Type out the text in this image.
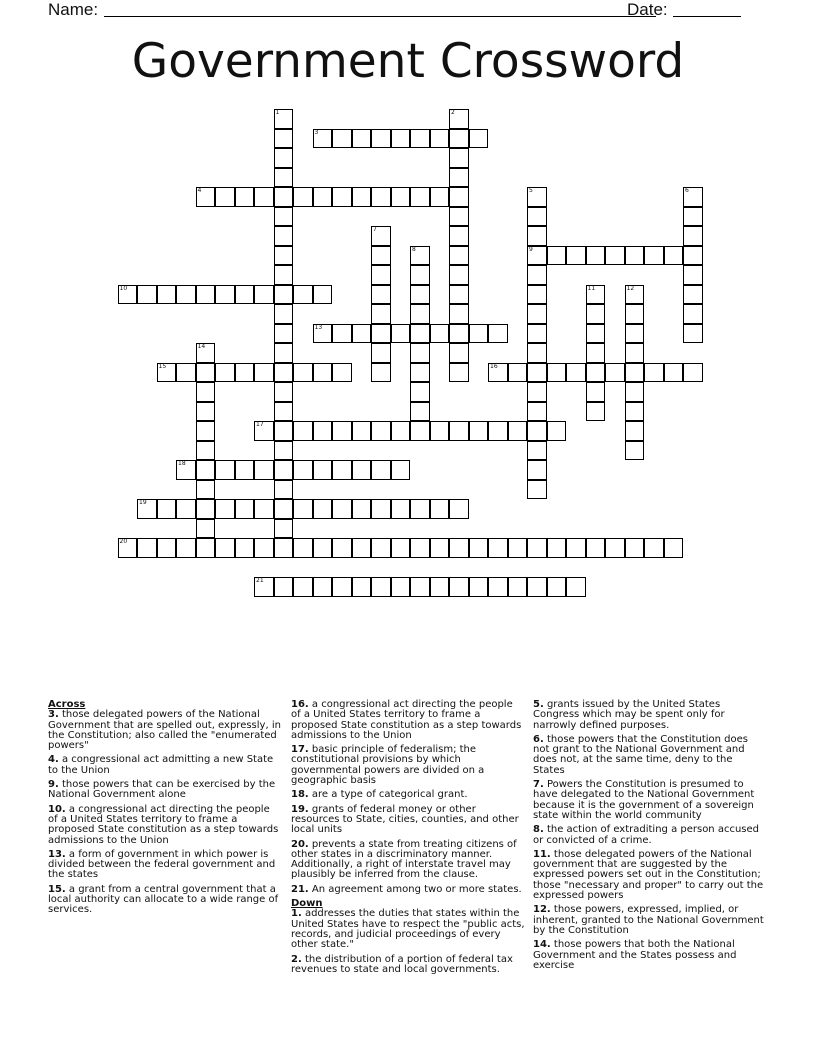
Name:	Date:
Government Crossword
1	2
3
4	5
9
6
7
8
10	11	12
13
14
15	16
17
18
19
20
21
Across
3. those delegated powers of the National Government that are spelled out, expressly, in the Constitution; also called the "enumerated powers"
4. a congressional act admitting a new State to the Union
9. those powers that can be exercised by the National Government alone
10. a congressional act directing the people of a United States territory to frame a proposed State constitution as a step towards admissions to the Union
13. a form of government in which power is divided between the federal government and the states
15. a grant from a central government that a local authority can allocate to a wide range of services.
16. a congressional act directing the people of a United States territory to frame a proposed State constitution as a step towards admissions to the Union
17. basic principle of federalism; the constitutional provisions by which governmental powers are divided on a geographic basis
18. are a type of categorical grant.
19. grants of federal money or other resources to State, cities, counties, and other local units
20. prevents a state from treating citizens of other states in a discriminatory manner. Additionally, a right of interstate travel may plausibly be inferred from the clause.
21. An agreement among two or more states.
Down
1. addresses the duties that states within the United States have to respect the "public acts, records, and judicial proceedings of every other state."
2. the distribution of a portion of federal tax revenues to state and local governments.
5. grants issued by the United States Congress which may be spent only for narrowly defined purposes.
6. those powers that the Constitution does not grant to the National Government and does not, at the same time, deny to the States
7. Powers the Constitution is presumed to have delegated to the National Government because it is the government of a sovereign state within the world community
8. the action of extraditing a person accused or convicted of a crime.
11. those delegated powers of the National government that are suggested by the expressed powers set out in the Constitution; those "necessary and proper" to carry out the expressed powers
12. those powers, expressed, implied, or inherent, granted to the National Government by the Constitution
14. those powers that both the National Government and the States possess and exercise
